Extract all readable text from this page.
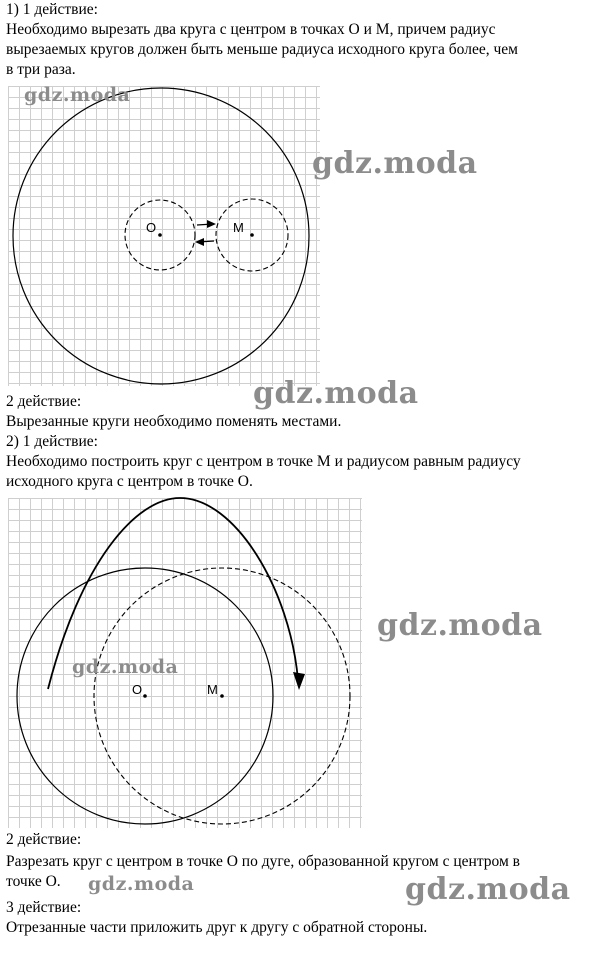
1) 1 действие:

Необходимо вырезать два круга с центром в точках О и М, причем радиус

вырезаемых кругов должен быть меньше радиуса исходного круга более, чем

в три раза.

О	М
gdz.moda
gdz.moda
gdz.moda

2 действие:

Вырезанные круги необходимо поменять местами.

2) 1 действие:

Необходимо построить круг с центром в точке М и радиусом равным радиусу

исходного круга с центром в точке О.

О	М
gdz.moda
gdz.moda

2 действие:

Разрезать круг с центром в точке О по дуге, образованной кругом с центром в

точке О. gdz.moda	gdz.moda

3 действие:

Отрезанные части приложить друг к другу с обратной стороны.
